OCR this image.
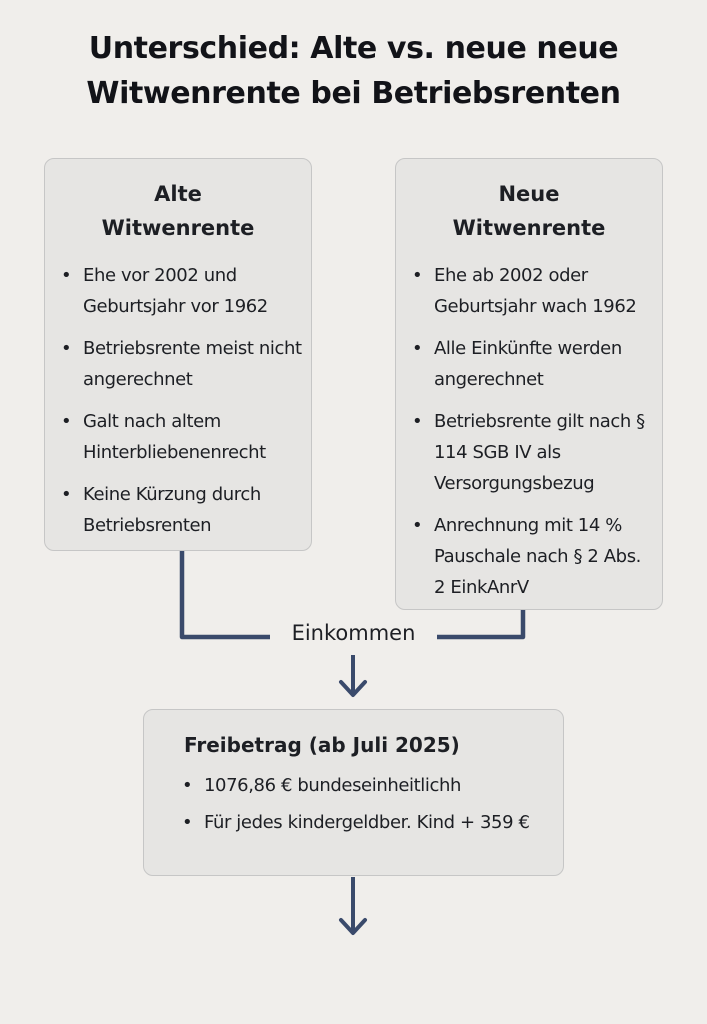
Unterschied: Alte vs. neue neue
Witwenrente bei Betriebsrenten
Alte
Witwenrente
• Ehe vor 2002 und Geburtsjahr vor 1962
• Betriebsrente meist nicht angerechnet
• Galt nach altem Hinterbliebenenrecht
• Keine Kürzung durch Betriebsrenten
Neue
Witwenrente
• Ehe ab 2002 oder Geburtsjahr wach 1962
• Alle Einkünfte werden angerechnet
• Betriebsrente gilt nach § 114 SGB IV als Versorgungsbezug
• Anrechnung mit 14 % Pauschale nach § 2 Abs. 2 EinkAnrV
Einkommen
Freibetrag (ab Juli 2025)
• 1076,86 € bundeseinheitlichh
• Für jedes kindergeldber. Kind + 359 €
